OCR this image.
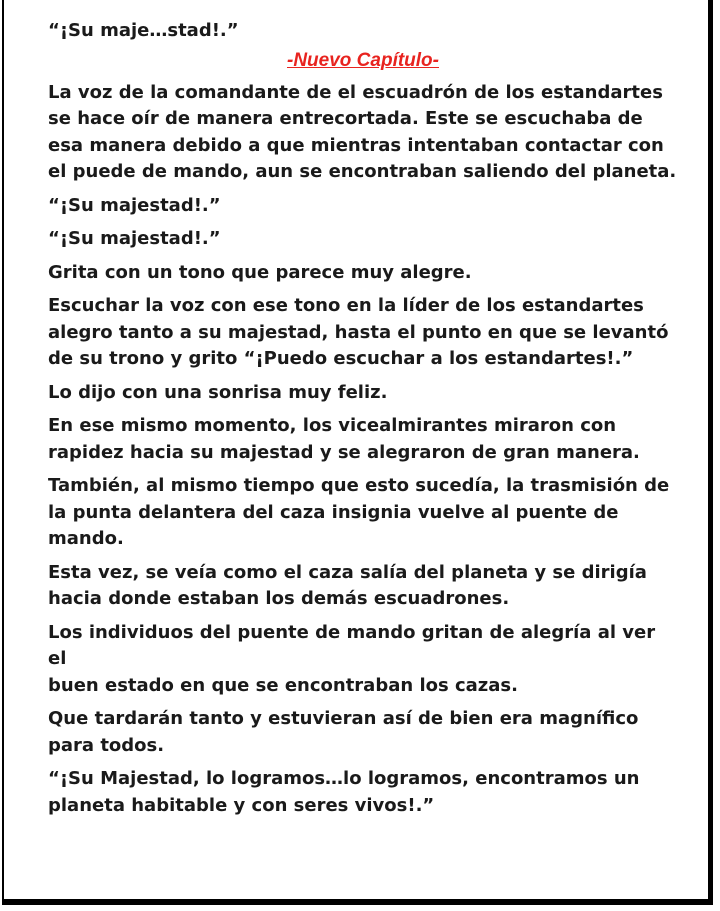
“¡Su maje…stad!.”

-Nuevo Capítulo-

La voz de la comandante de el escuadrón de los estandartes
se hace oír de manera entrecortada. Este se escuchaba de
esa manera debido a que mientras intentaban contactar con
el puede de mando, aun se encontraban saliendo del planeta.

“¡Su majestad!.”

“¡Su majestad!.”

Grita con un tono que parece muy alegre.

Escuchar la voz con ese tono en la líder de los estandartes
alegro tanto a su majestad, hasta el punto en que se levantó
de su trono y grito “¡Puedo escuchar a los estandartes!.”

Lo dijo con una sonrisa muy feliz.

En ese mismo momento, los vicealmirantes miraron con
rapidez hacia su majestad y se alegraron de gran manera.

También, al mismo tiempo que esto sucedía, la trasmisión de
la punta delantera del caza insignia vuelve al puente de
mando.

Esta vez, se veía como el caza salía del planeta y se dirigía
hacia donde estaban los demás escuadrones.

Los individuos del puente de mando gritan de alegría al ver el
buen estado en que se encontraban los cazas.

Que tardarán tanto y estuvieran así de bien era magnífico
para todos.

“¡Su Majestad, lo logramos…lo logramos, encontramos un
planeta habitable y con seres vivos!.”
